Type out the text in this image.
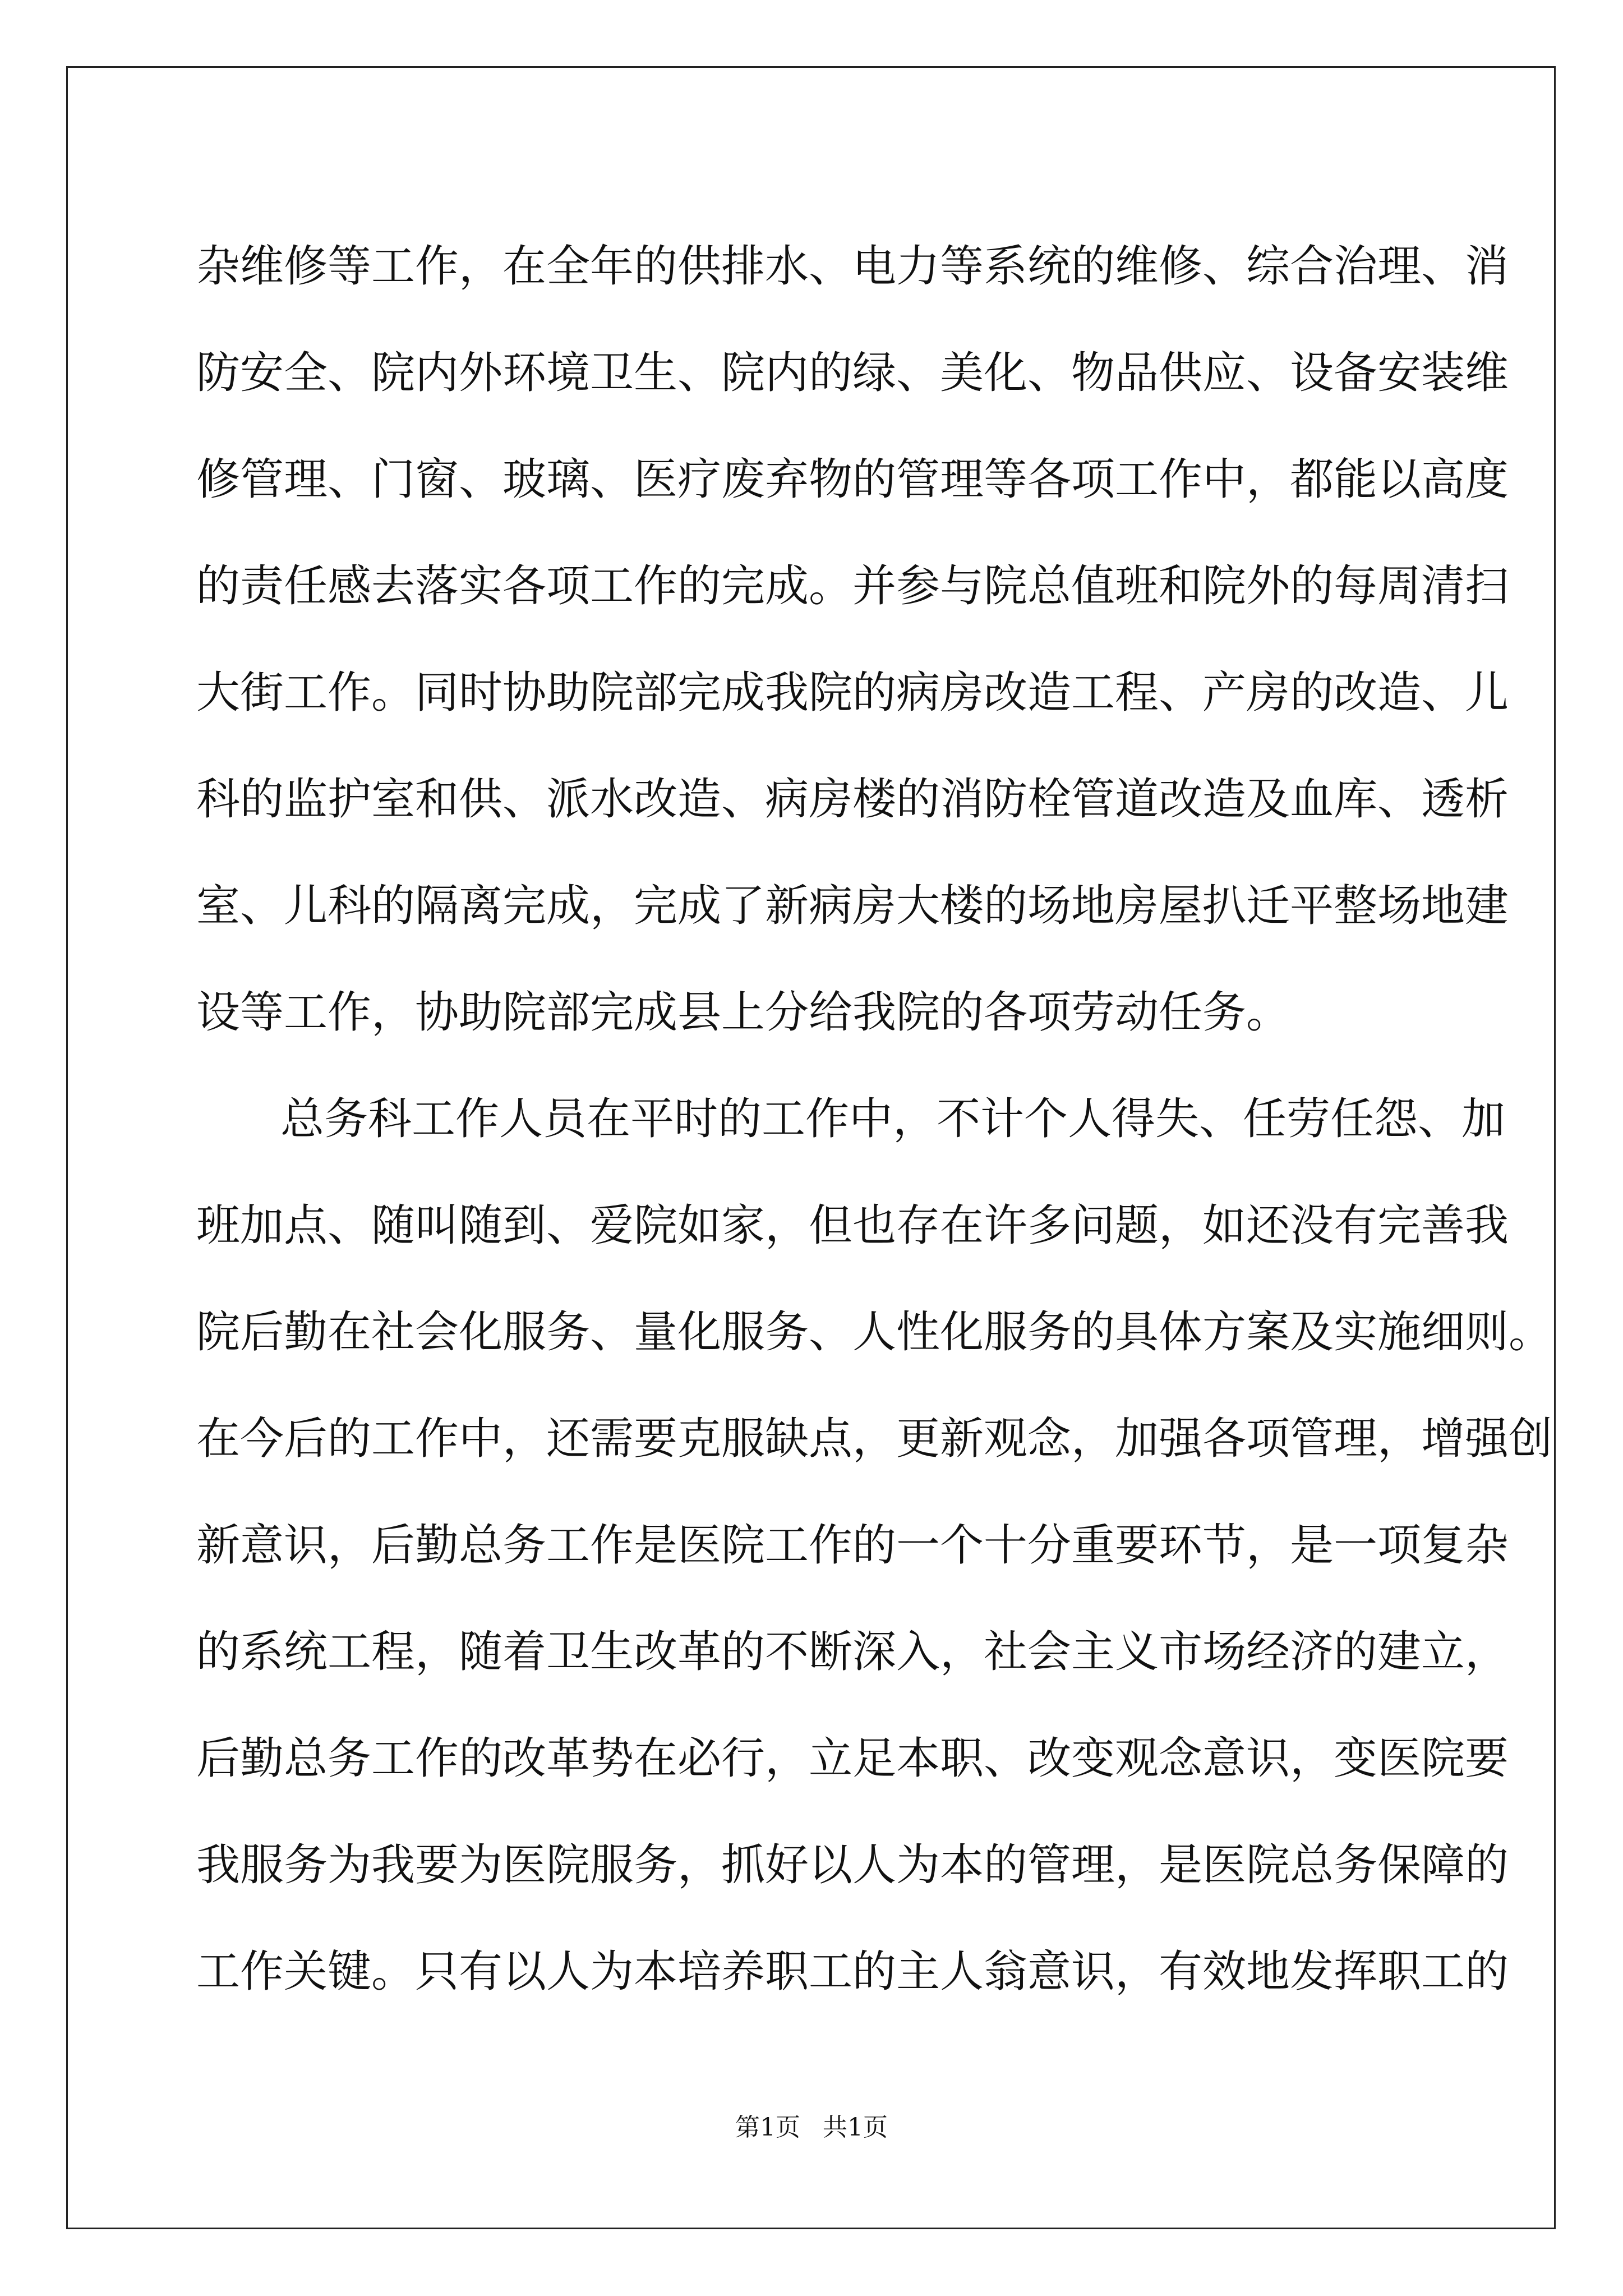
杂维修等工作，在全年的供排水、电力等系统的维修、综合治理、消
防安全、院内外环境卫生、院内的绿、美化、物品供应、设备安装维
修管理、门窗、玻璃、医疗废弃物的管理等各项工作中，都能以高度
的责任感去落实各项工作的完成。并参与院总值班和院外的每周清扫
大街工作。同时协助院部完成我院的病房改造工程、产房的改造、儿
科的监护室和供、派水改造、病房楼的消防栓管道改造及血库、透析
室、儿科的隔离完成，完成了新病房大楼的场地房屋扒迁平整场地建
设等工作，协助院部完成县上分给我院的各项劳动任务。
总务科工作人员在平时的工作中，不计个人得失、任劳任怨、加
班加点、随叫随到、爱院如家，但也存在许多问题，如还没有完善我
院后勤在社会化服务、量化服务、人性化服务的具体方案及实施细则。
在今后的工作中，还需要克服缺点，更新观念，加强各项管理，增强创
新意识，后勤总务工作是医院工作的一个十分重要环节，是一项复杂
的系统工程，随着卫生改革的不断深入，社会主义市场经济的建立，
后勤总务工作的改革势在必行，立足本职、改变观念意识，变医院要
我服务为我要为医院服务，抓好以人为本的管理，是医院总务保障的
工作关键。只有以人为本培养职工的主人翁意识，有效地发挥职工的
第1页 共1页
